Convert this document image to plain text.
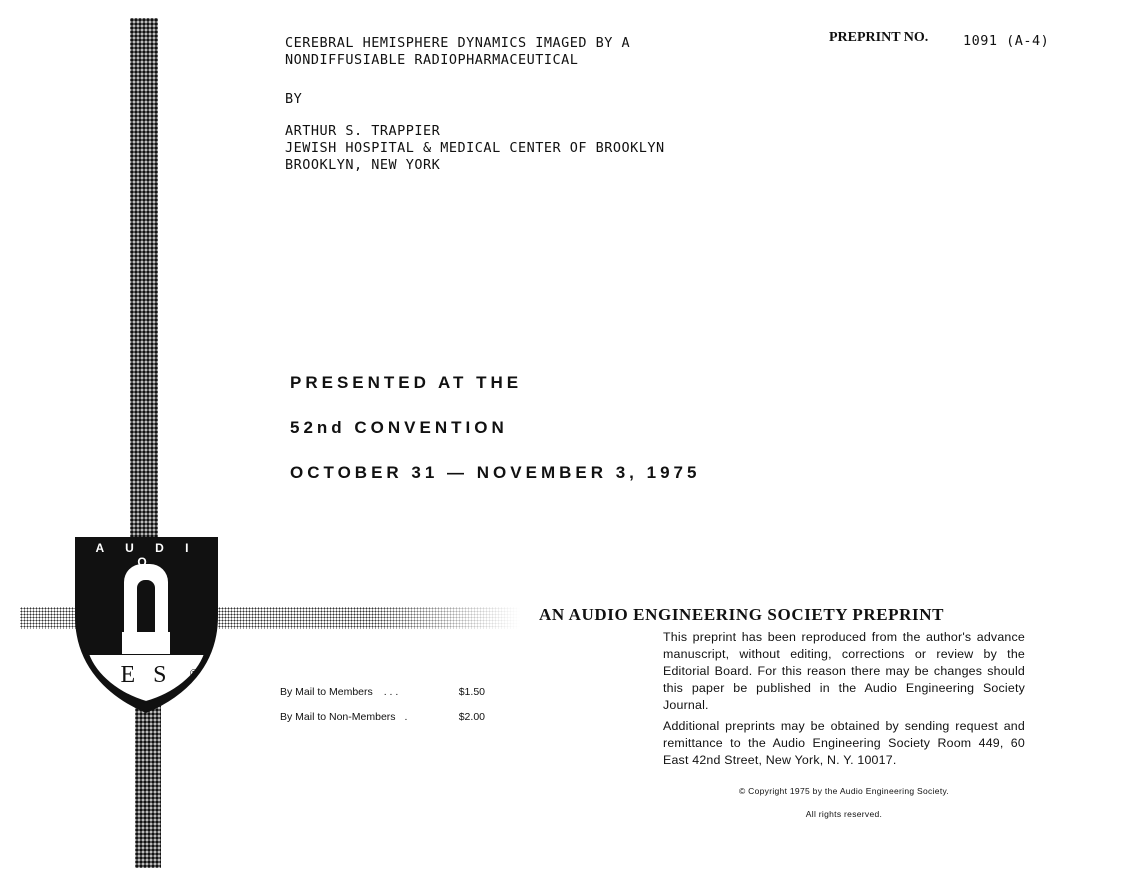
A U D I O
E S	®
CEREBRAL HEMISPHERE DYNAMICS IMAGED BY A
NONDIFFUSIABLE RADIOPHARMACEUTICAL
PREPRINT NO.	1091 (A-4)
BY
ARTHUR S. TRAPPIER
JEWISH HOSPITAL & MEDICAL CENTER OF BROOKLYN
BROOKLYN, NEW YORK
PRESENTED AT THE
52nd CONVENTION
OCTOBER 31 — NOVEMBER 3, 1975
By Mail to Members . . .	$1.50
By Mail to Non-Members .	$2.00
AN AUDIO ENGINEERING SOCIETY PREPRINT

This preprint has been reproduced from the author's advance manuscript, without editing, corrections or review by the Editorial Board. For this reason there may be changes should this paper be published in the Audio Engineering Society Journal.

Additional preprints may be obtained by sending request and remittance to the Audio Engineering Society Room 449, 60 East 42nd Street, New York, N. Y. 10017.

© Copyright 1975 by the Audio Engineering Society.
All rights reserved.
